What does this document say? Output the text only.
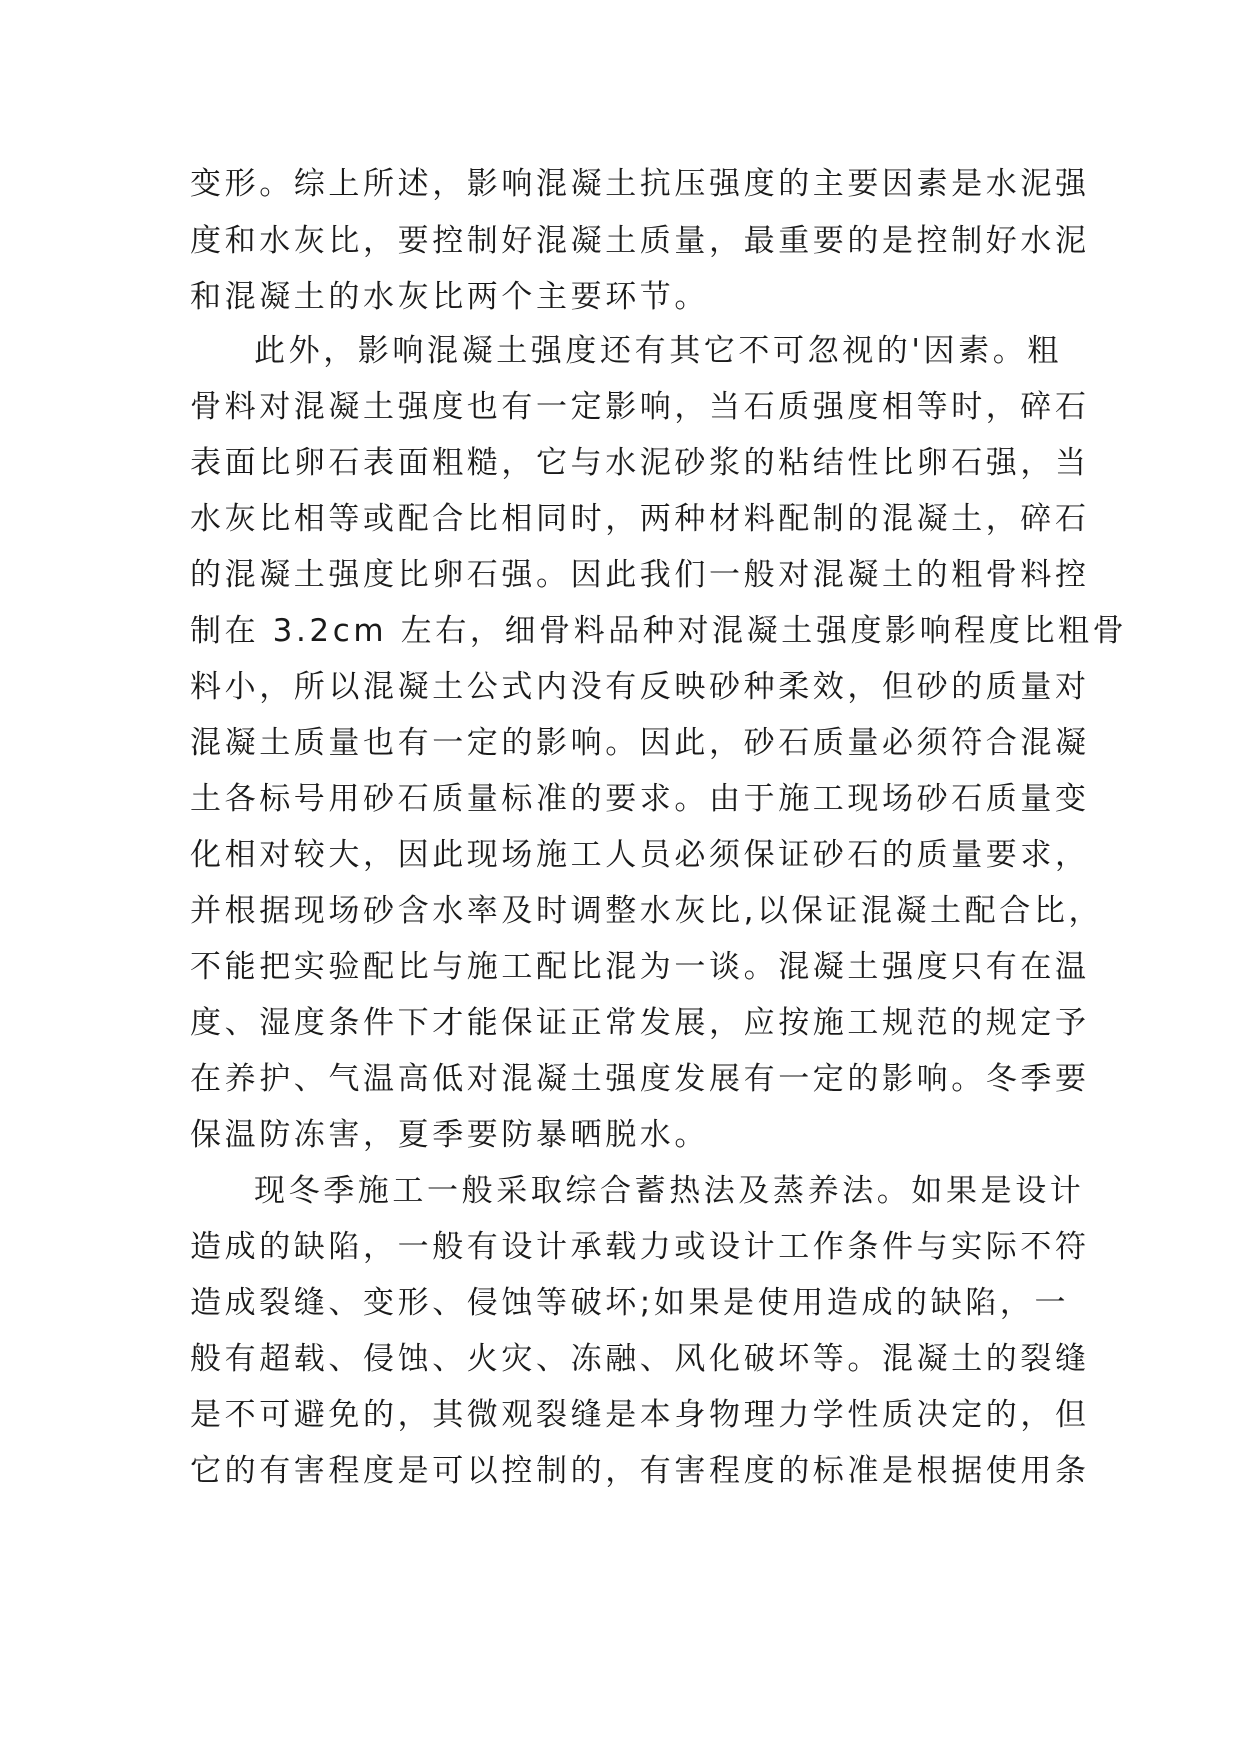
变形。综上所述，影响混凝土抗压强度的主要因素是水泥强
度和水灰比，要控制好混凝土质量，最重要的是控制好水泥
和混凝土的水灰比两个主要环节。
此外，影响混凝土强度还有其它不可忽视的'因素。粗
骨料对混凝土强度也有一定影响，当石质强度相等时，碎石
表面比卵石表面粗糙，它与水泥砂浆的粘结性比卵石强，当
水灰比相等或配合比相同时，两种材料配制的混凝土，碎石
的混凝土强度比卵石强。因此我们一般对混凝土的粗骨料控
制在 3.2cm 左右，细骨料品种对混凝土强度影响程度比粗骨
料小，所以混凝土公式内没有反映砂种柔效，但砂的质量对
混凝土质量也有一定的影响。因此，砂石质量必须符合混凝
土各标号用砂石质量标准的要求。由于施工现场砂石质量变
化相对较大，因此现场施工人员必须保证砂石的质量要求，
并根据现场砂含水率及时调整水灰比,以保证混凝土配合比，
不能把实验配比与施工配比混为一谈。混凝土强度只有在温
度、湿度条件下才能保证正常发展，应按施工规范的规定予
在养护、气温高低对混凝土强度发展有一定的影响。冬季要
保温防冻害，夏季要防暴晒脱水。
现冬季施工一般采取综合蓄热法及蒸养法。如果是设计
造成的缺陷，一般有设计承载力或设计工作条件与实际不符
造成裂缝、变形、侵蚀等破坏;如果是使用造成的缺陷，一
般有超载、侵蚀、火灾、冻融、风化破坏等。混凝土的裂缝
是不可避免的，其微观裂缝是本身物理力学性质决定的，但
它的有害程度是可以控制的，有害程度的标准是根据使用条
